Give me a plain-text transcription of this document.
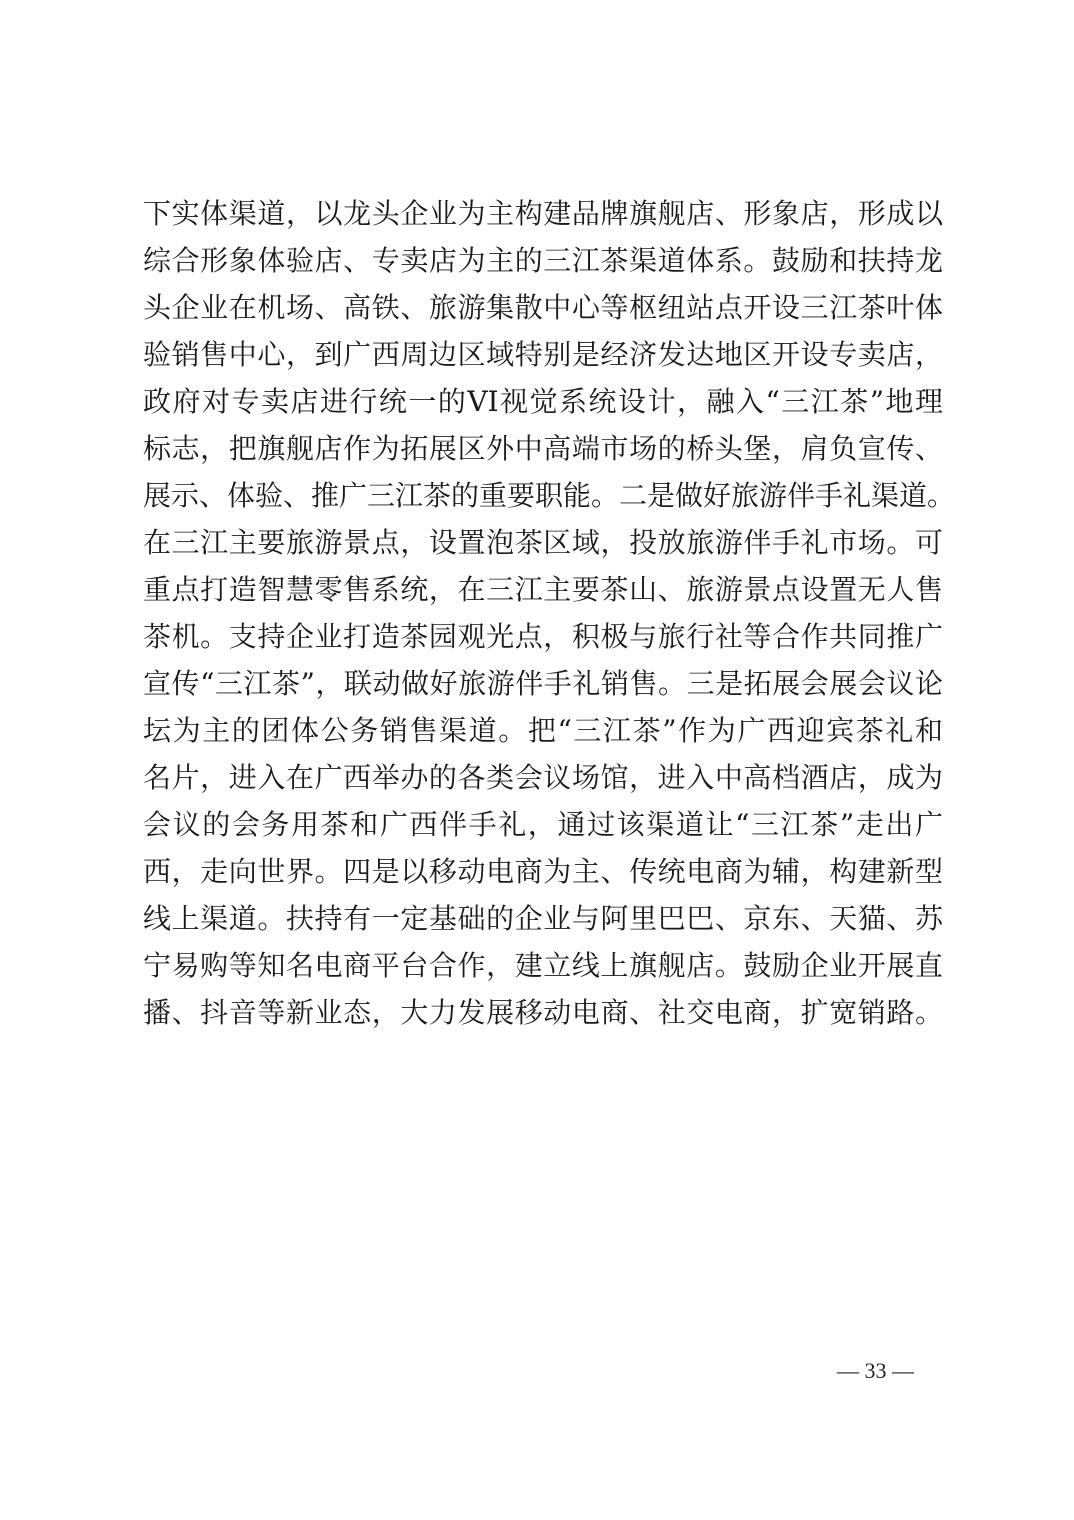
下实体渠道，以龙头企业为主构建品牌旗舰店、形象店，形成以
综合形象体验店、专卖店为主的三江茶渠道体系。鼓励和扶持龙
头企业在机场、高铁、旅游集散中心等枢纽站点开设三江茶叶体
验销售中心，到广西周边区域特别是经济发达地区开设专卖店，
政府对专卖店进行统一的VI视觉系统设计，融入“三江茶”地理
标志，把旗舰店作为拓展区外中高端市场的桥头堡，肩负宣传、
展示、体验、推广三江茶的重要职能。二是做好旅游伴手礼渠道。
在三江主要旅游景点，设置泡茶区域，投放旅游伴手礼市场。可
重点打造智慧零售系统，在三江主要茶山、旅游景点设置无人售
茶机。支持企业打造茶园观光点，积极与旅行社等合作共同推广
宣传“三江茶”，联动做好旅游伴手礼销售。三是拓展会展会议论
坛为主的团体公务销售渠道。把“三江茶”作为广西迎宾茶礼和
名片，进入在广西举办的各类会议场馆，进入中高档酒店，成为
会议的会务用茶和广西伴手礼，通过该渠道让“三江茶”走出广
西，走向世界。四是以移动电商为主、传统电商为辅，构建新型
线上渠道。扶持有一定基础的企业与阿里巴巴、京东、天猫、苏
宁易购等知名电商平台合作，建立线上旗舰店。鼓励企业开展直
播、抖音等新业态，大力发展移动电商、社交电商，扩宽销路。
— 33 —
